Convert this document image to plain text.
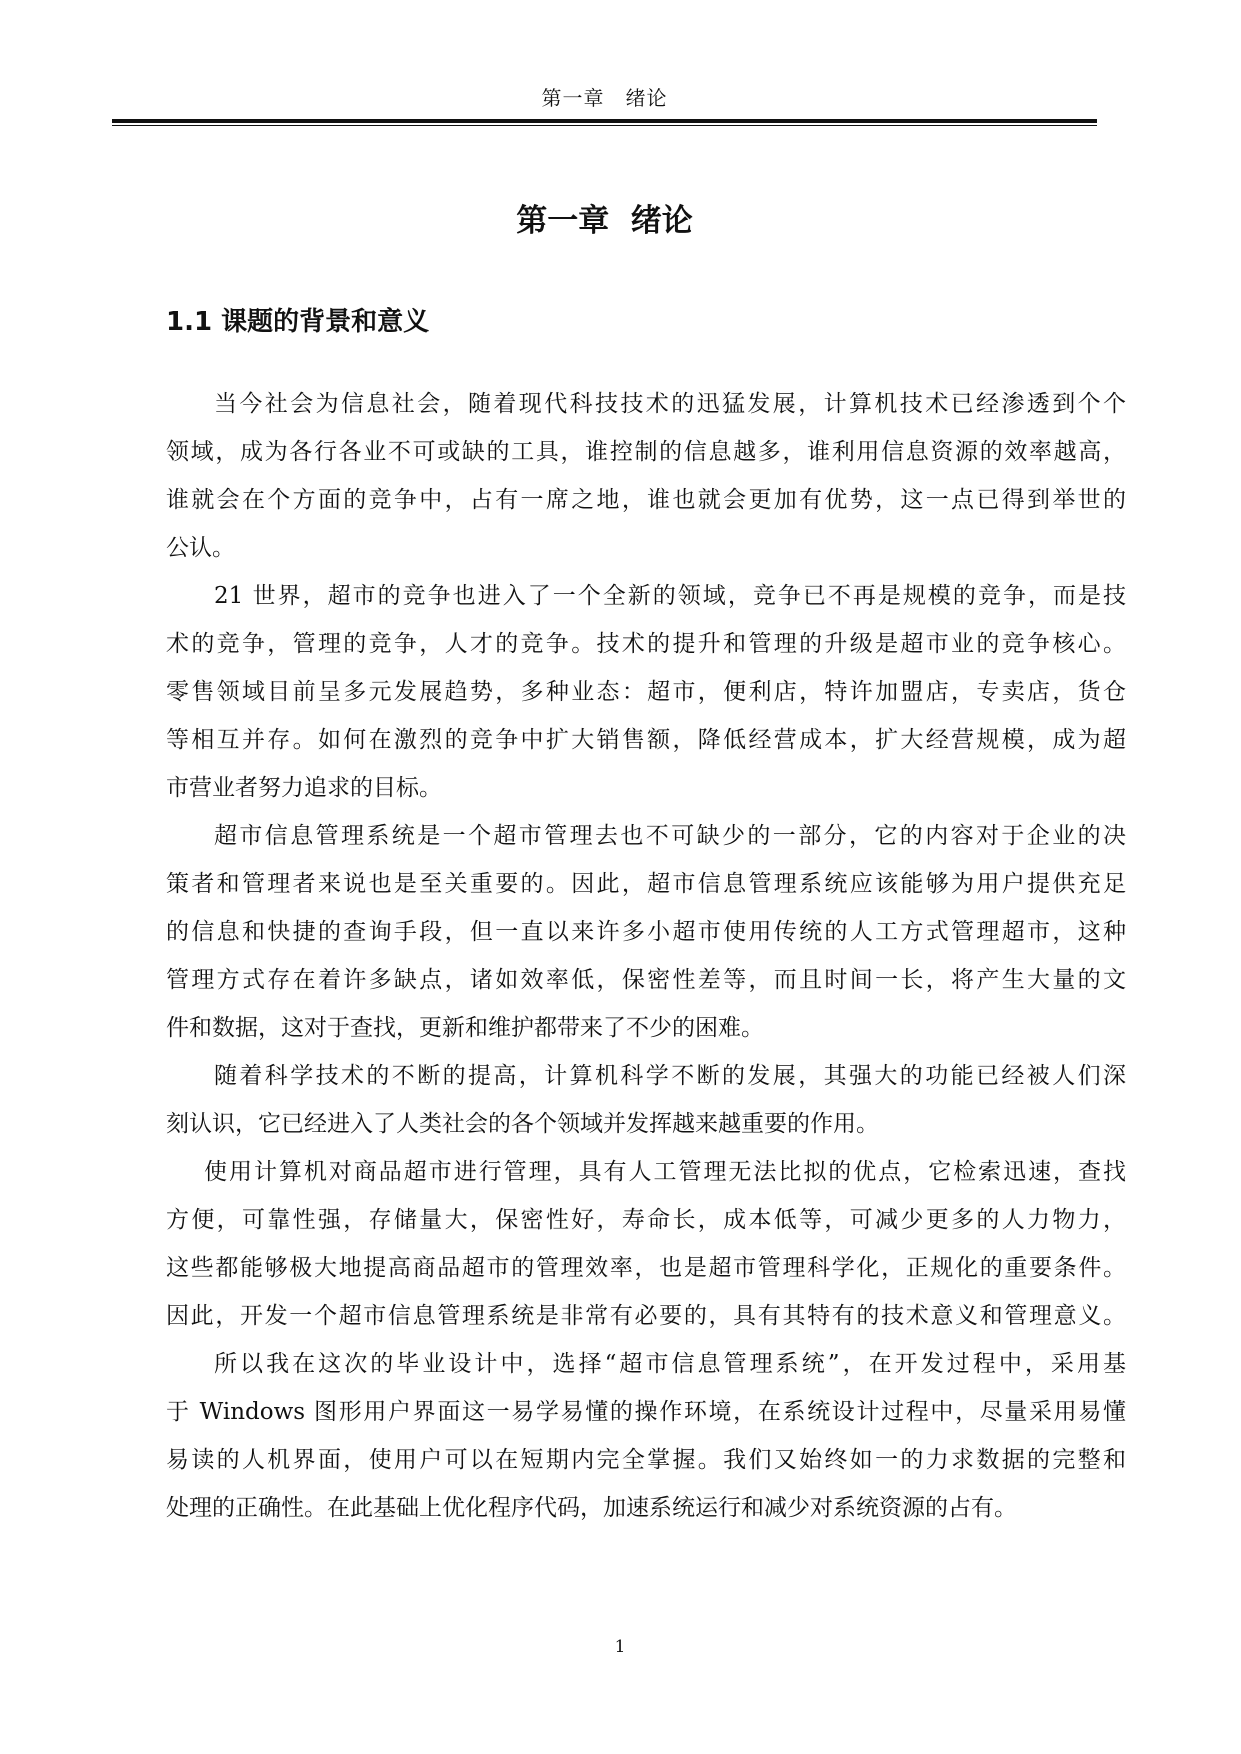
第一章　绪论
第一章  绪论
1.1 课题的背景和意义
当今社会为信息社会，随着现代科技技术的迅猛发展，计算机技术已经渗透到个个
领域，成为各行各业不可或缺的工具，谁控制的信息越多，谁利用信息资源的效率越高，
谁就会在个方面的竞争中，占有一席之地，谁也就会更加有优势，这一点已得到举世的
公认。
21 世界，超市的竞争也进入了一个全新的领域，竞争已不再是规模的竞争，而是技
术的竞争，管理的竞争，人才的竞争。技术的提升和管理的升级是超市业的竞争核心。
零售领域目前呈多元发展趋势，多种业态：超市，便利店，特许加盟店，专卖店，货仓
等相互并存。如何在激烈的竞争中扩大销售额，降低经营成本，扩大经营规模，成为超
市营业者努力追求的目标。
超市信息管理系统是一个超市管理去也不可缺少的一部分，它的内容对于企业的决
策者和管理者来说也是至关重要的。因此，超市信息管理系统应该能够为用户提供充足
的信息和快捷的查询手段，但一直以来许多小超市使用传统的人工方式管理超市，这种
管理方式存在着许多缺点，诸如效率低，保密性差等，而且时间一长，将产生大量的文
件和数据，这对于查找，更新和维护都带来了不少的困难。
随着科学技术的不断的提高，计算机科学不断的发展，其强大的功能已经被人们深
刻认识，它已经进入了人类社会的各个领域并发挥越来越重要的作用。
使用计算机对商品超市进行管理，具有人工管理无法比拟的优点，它检索迅速，查找
方便，可靠性强，存储量大，保密性好，寿命长，成本低等，可减少更多的人力物力，
这些都能够极大地提高商品超市的管理效率，也是超市管理科学化，正规化的重要条件。
因此，开发一个超市信息管理系统是非常有必要的，具有其特有的技术意义和管理意义。
所以我在这次的毕业设计中，选择“超市信息管理系统”，在开发过程中，采用基
于 Windows 图形用户界面这一易学易懂的操作环境，在系统设计过程中，尽量采用易懂
易读的人机界面，使用户可以在短期内完全掌握。我们又始终如一的力求数据的完整和
处理的正确性。在此基础上优化程序代码，加速系统运行和减少对系统资源的占有。
1
